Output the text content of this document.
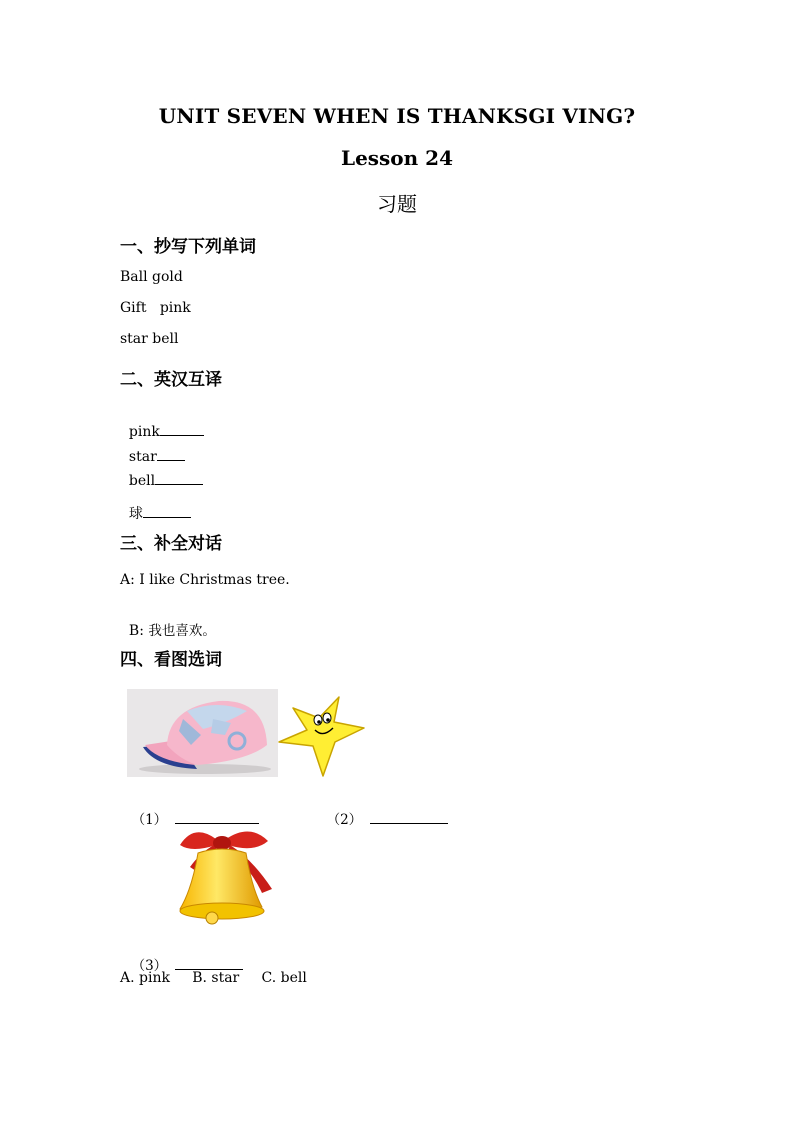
UNIT SEVEN WHEN IS THANKSGI VING?
Lesson 24
习题
一、抄写下列单词
Ball gold
Gift   pink
star bell
二、英汉互译

pink

star

bell

球

三、补全对话
A: I like Christmas tree.

B: 我也喜欢。

四、看图选词

（1）	（2）

（3）

A. pink     B. star     C. bell
